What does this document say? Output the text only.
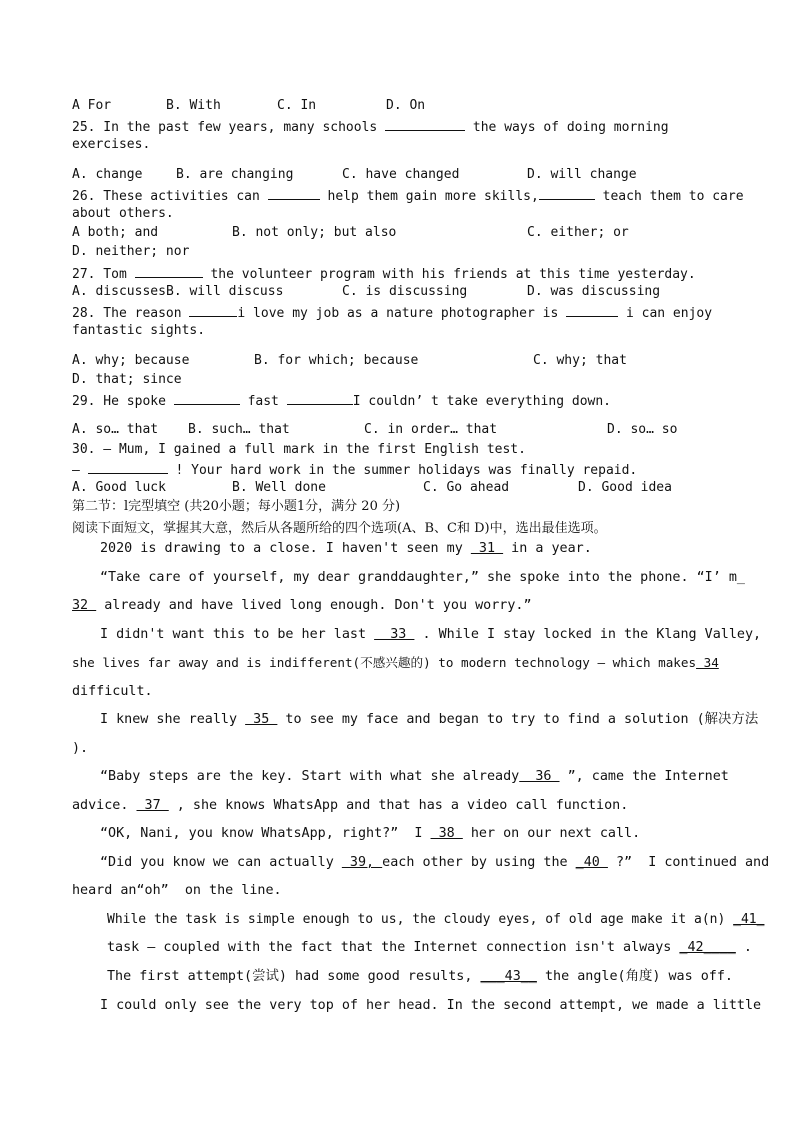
A For	B. With	C. In	D. On
25. In the past few years, many schools	the ways of doing morning
exercises.
A. change	B. are changing	C. have changed	D. will change
26. These activities can	help them gain more skills,	teach them to care
about others.
A both; and	B. not only; but also	C. either; or
D. neither; nor
27. Tom	the volunteer program with his friends at this time yesterday.
A. discusses B. will discuss	C. is discussing	D. was discussing
28. The reason	i love my job as a nature photographer is	i can enjoy
fantastic sights.
A. why; because	B. for which; because	C. why; that
D. that; since
29. He spoke	fast	I couldn’ t take everything down.
A. so… that B. such… that	C. in order… that	D. so… so
30. — Mum, I gained a full mark in the first English test.
—	! Your hard work in the summer holidays was finally repaid.
A. Good luck	B. Well done	C. Go ahead	D. Good idea
第二节：l完型填空 (共20小题；每小题1分，满分 20 分)
阅读下面短文，掌握其大意，然后从各题所给的四个选项(A、B、C和 D)中，选出最佳选项。
2020 is drawing to a close. I haven't seen my  31  in a year.
“Take care of yourself, my dear granddaughter,” she spoke into the phone. “I’ m_
32  already and have lived long enough. Don't you worry.”
I didn't want this to be her last   33  . While I stay locked in the Klang Valley,
she lives far away and is indifferent(不感兴趣的) to modern technology — which makes 34
difficult.
I knew she really  35  to see my face and began to try to find a solution (解决方法
).
“Baby steps are the key. Start with what she already  36  ”, came the Internet
advice.  37  , she knows WhatsApp and that has a video call function.
“OK, Nani, you know WhatsApp, right?”  I  38  her on our next call.
“Did you know we can actually  39, each other by using the _40  ?”  I continued and
heard an“oh”  on the line.
While the task is simple enough to us, the cloudy eyes, of old age make it a(n) _41_
task — coupled with the fact that the Internet connection isn't always _42____ .
The first attempt(尝试) had some good results, ___43__ the angle(角度) was off.
I could only see the very top of her head. In the second attempt, we made a little
